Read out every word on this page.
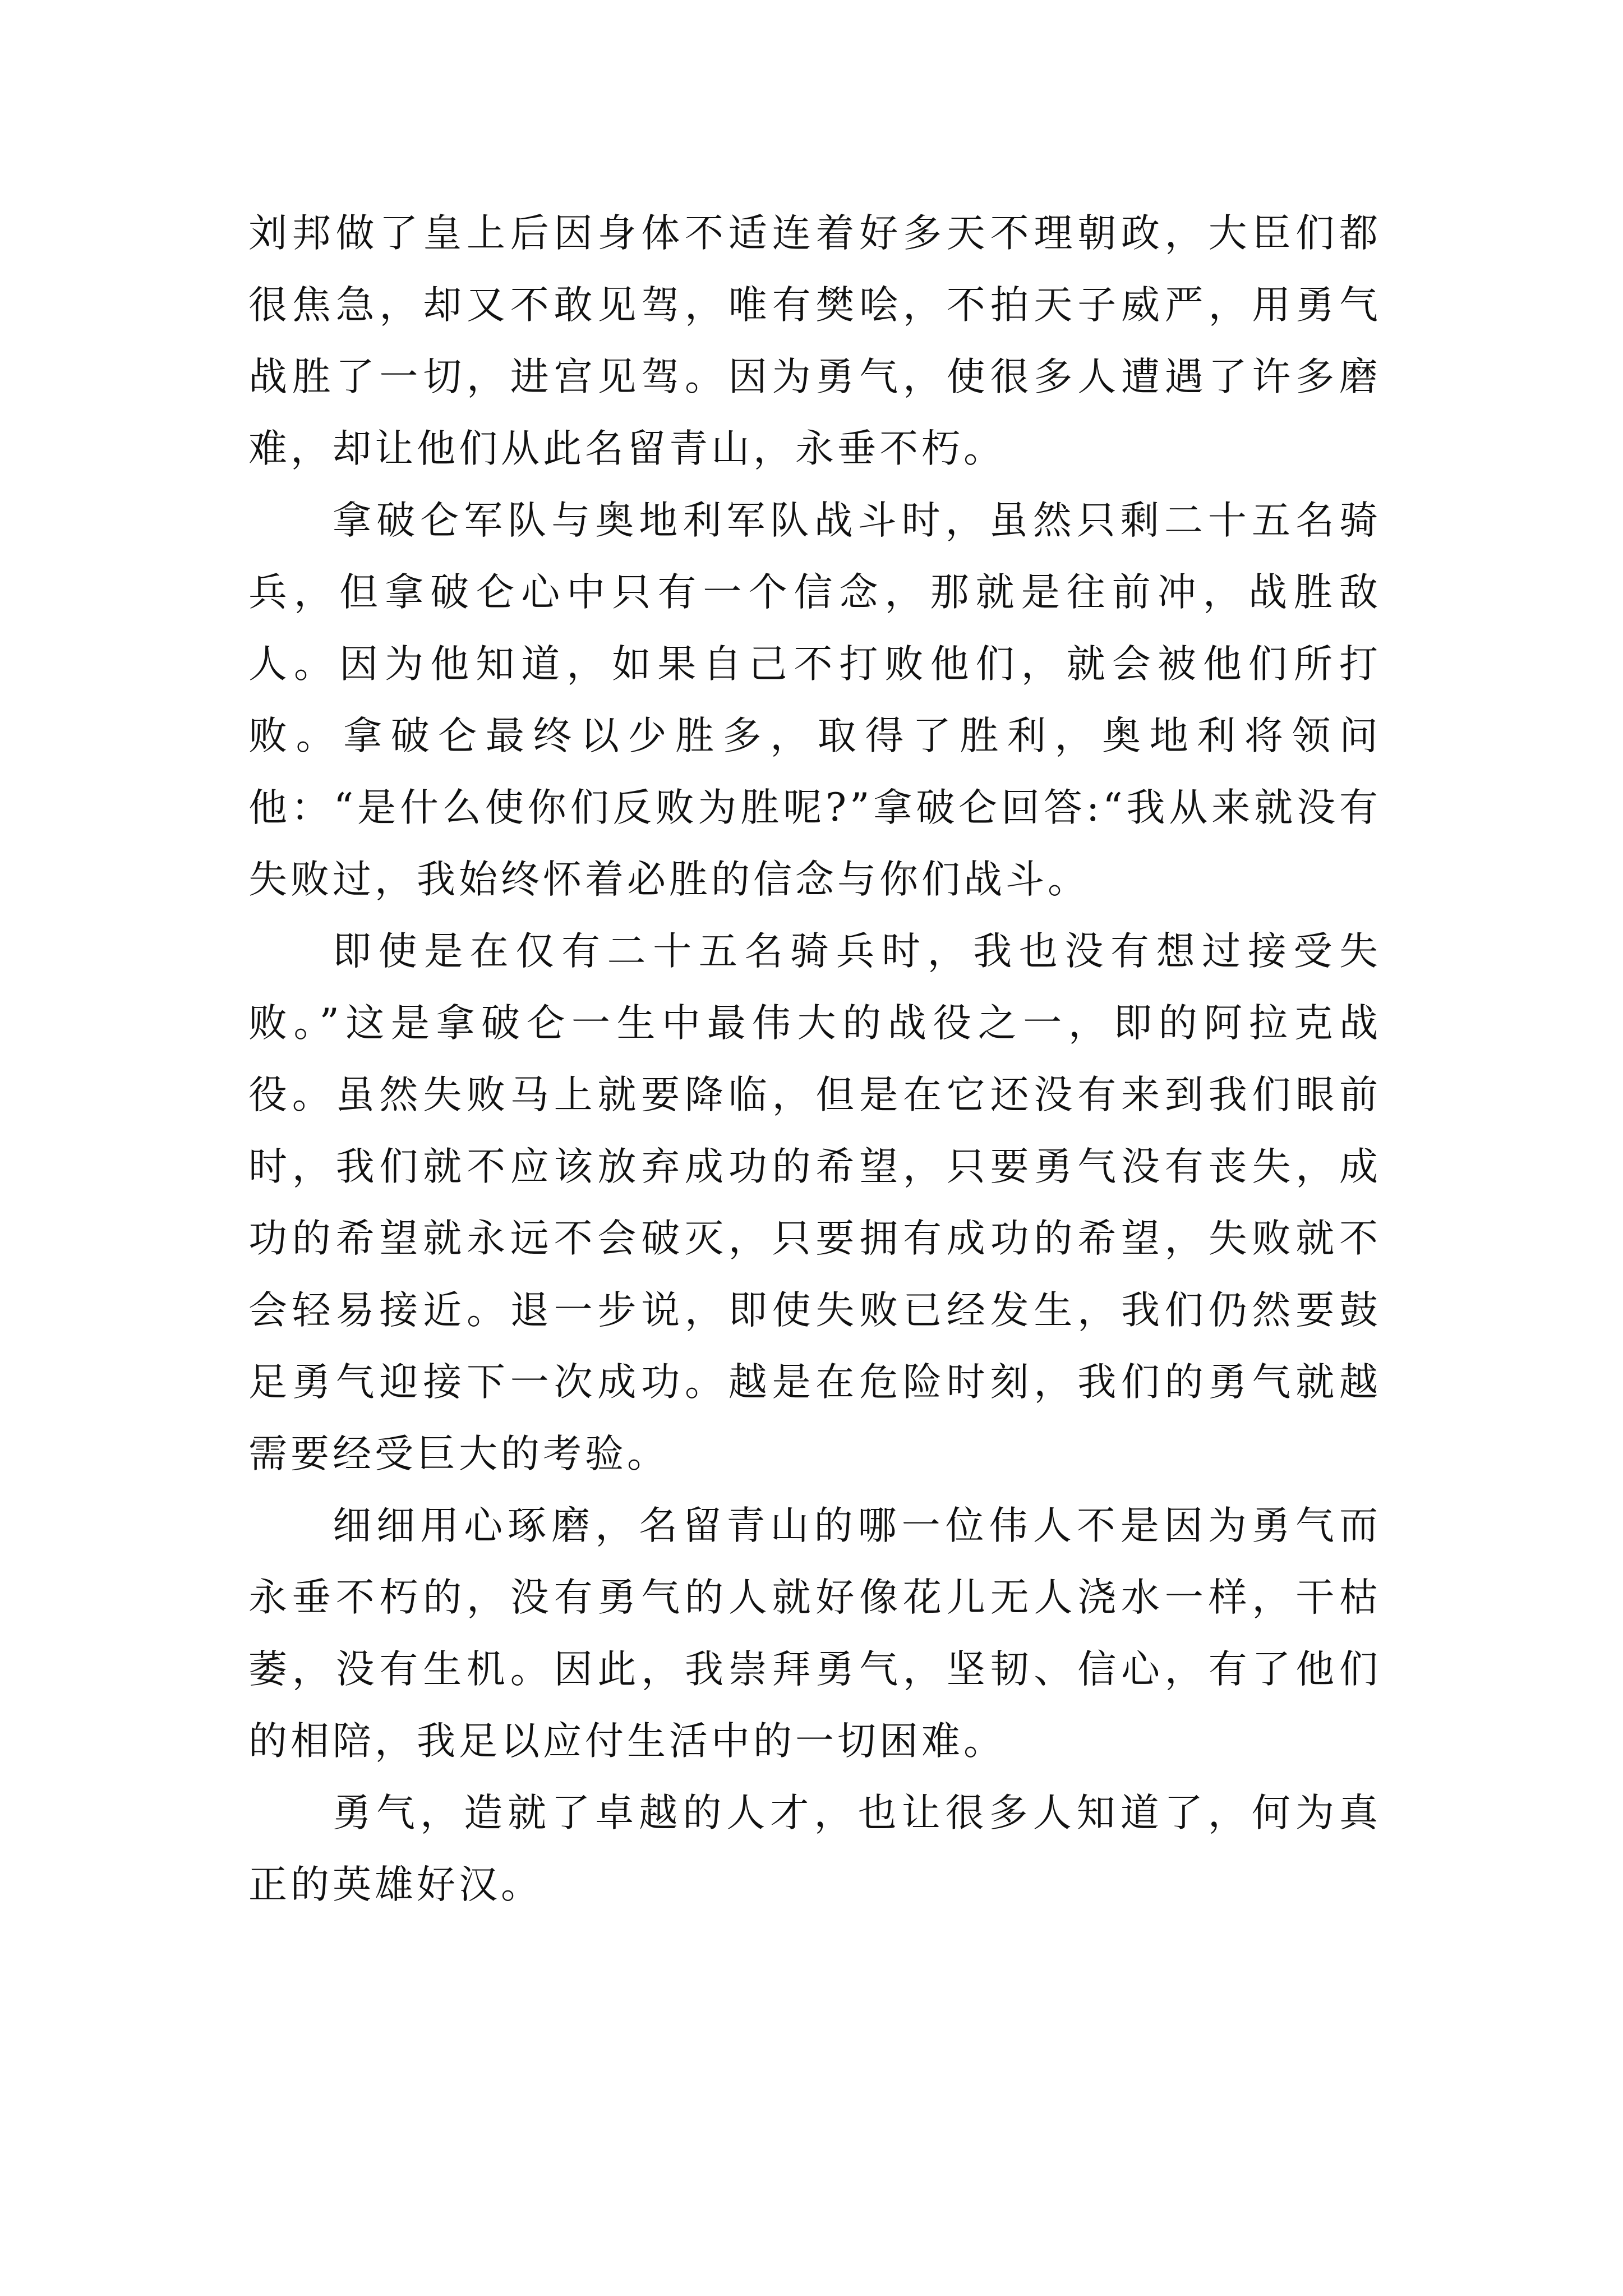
刘邦做了皇上后因身体不适连着好多天不理朝政，大臣们都很焦急，却又不敢见驾，唯有樊哙，不拍天子威严，用勇气战胜了一切，进宫见驾。因为勇气，使很多人遭遇了许多磨难，却让他们从此名留青山，永垂不朽。

拿破仑军队与奥地利军队战斗时，虽然只剩二十五名骑兵，但拿破仑心中只有一个信念，那就是往前冲，战胜敌人。因为他知道，如果自己不打败他们，就会被他们所打败。拿破仑最终以少胜多，取得了胜利，奥地利将领问他：“是什么使你们反败为胜呢?”拿破仑回答:“我从来就没有失败过，我始终怀着必胜的信念与你们战斗。

即使是在仅有二十五名骑兵时，我也没有想过接受失败。”这是拿破仑一生中最伟大的战役之一，即的阿拉克战役。虽然失败马上就要降临，但是在它还没有来到我们眼前时，我们就不应该放弃成功的希望，只要勇气没有丧失，成功的希望就永远不会破灭，只要拥有成功的希望，失败就不会轻易接近。退一步说，即使失败已经发生，我们仍然要鼓足勇气迎接下一次成功。越是在危险时刻，我们的勇气就越需要经受巨大的考验。

细细用心琢磨，名留青山的哪一位伟人不是因为勇气而永垂不朽的，没有勇气的人就好像花儿无人浇水一样，干枯萎，没有生机。因此，我崇拜勇气，坚韧、信心，有了他们的相陪，我足以应付生活中的一切困难。

勇气，造就了卓越的人才，也让很多人知道了，何为真正的英雄好汉。
